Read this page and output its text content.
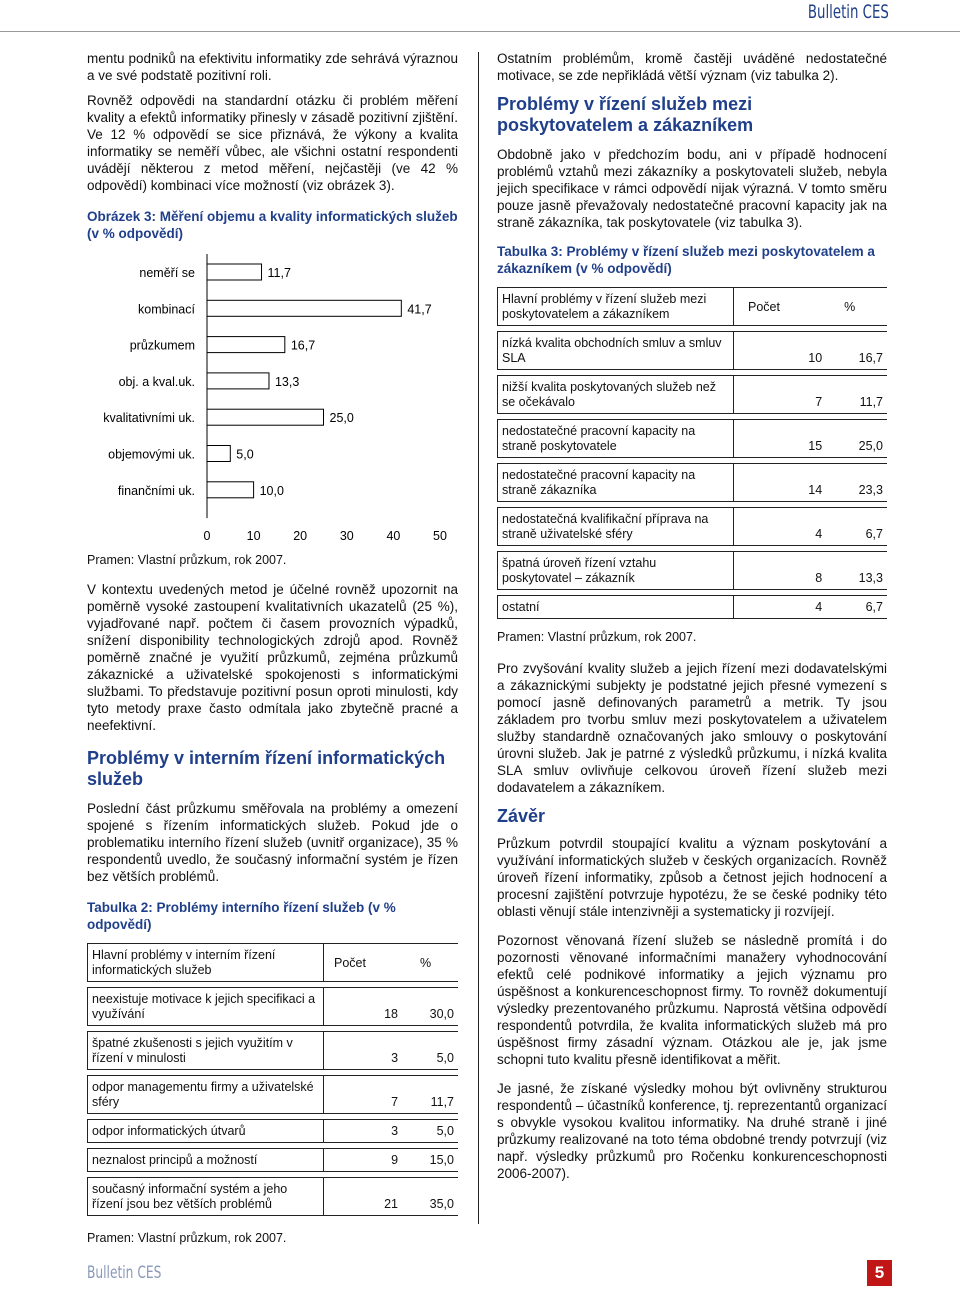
Bulletin CES

mentu podniků na efektivitu informatiky zde sehrává výraznou a ve své podstatě pozitivní roli.

Rovněž odpovědi na standardní otázku či problém měření kvality a efektů informatiky přinesly v zásadě pozitivní zjištění. Ve 12 % odpovědí se sice přiznává, že výkony a kvalita informatiky se neměří vůbec, ale všichni ostatní respondenti uvádějí některou z metod měření, nejčastěji (ve 42 % odpovědí) kombinaci více možností (viz obrázek 3).

Obrázek 3: Měření objemu a kvality informatických služeb (v % odpovědí)
neměří se	11,7
kombinací	41,7
průzkumem	16,7
obj. a kval.uk.	13,3
kvalitativními uk.	25,0
objemovými uk.	5,0
finančními uk.	10,0
0	10	20	30	40	50
Pramen: Vlastní průzkum, rok 2007.

V kontextu uvedených metod je účelné rovněž upozornit na poměrně vysoké zastoupení kvalitativních ukazatelů (25 %), vyjadřované např. počtem či časem provozních výpadků, snížení disponibility technologických zdrojů apod. Rovněž poměrně značné je využití průzkumů, zejména průzkumů zákaznické a uživatelské spokojenosti s informatickými službami. To představuje pozitivní posun oproti minulosti, kdy tyto metody praxe často odmítala jako zbytečně pracné a neefektivní.

Problémy v interním řízení informatických služeb

Poslední část průzkumu směřovala na problémy a omezení spojené s řízením informatických služeb. Pokud jde o problematiku interního řízení služeb (uvnitř organizace), 35 % respondentů uvedlo, že současný informační systém je řízen bez větších problémů.

Tabulka 2: Problémy interního řízení služeb (v % odpovědí)
Hlavní problémy v interním řízení informatických služeb	Počet	%

neexistuje motivace k jejich specifikaci a využívání	18	30,0

špatné zkušenosti s jejich využitím v řízení v minulosti	3	5,0

odpor managementu firmy a uživatelské sféry	7	11,7

odpor informatických útvarů	3	5,0

neznalost principů a možností	9	15,0

současný informační systém a jeho řízení jsou bez větších problémů	21	35,0
Pramen: Vlastní průzkum, rok 2007.

Ostatním problémům, kromě častěji uváděné nedostatečné motivace, se zde nepřikládá větší význam (viz tabulka 2).

Problémy v řízení služeb mezi poskytovatelem a zákazníkem

Obdobně jako v předchozím bodu, ani v případě hodnocení problémů vztahů mezi zákazníky a poskytovateli služeb, nebyla jejich specifikace v rámci odpovědí nijak výrazná. V tomto směru pouze jasně převažovaly nedostatečné pracovní kapacity jak na straně zákazníka, tak poskytovatele (viz tabulka 3).

Tabulka 3: Problémy v řízení služeb mezi poskytovatelem a zákazníkem (v % odpovědí)
Hlavní problémy v řízení služeb mezi poskytovatelem a zákazníkem	Počet	%

nízká kvalita obchodních smluv a smluv SLA	10	16,7

nižší kvalita poskytovaných služeb než se očekávalo	7	11,7

nedostatečné pracovní kapacity na straně poskytovatele	15	25,0

nedostatečné pracovní kapacity na straně zákazníka	14	23,3

nedostatečná kvalifikační příprava na straně uživatelské sféry	4	6,7

špatná úroveň řízení vztahu poskytovatel – zákazník	8	13,3

ostatní	4	6,7
Pramen: Vlastní průzkum, rok 2007.

Pro zvyšování kvality služeb a jejich řízení mezi dodavatelskými a zákaznickými subjekty je podstatné jejich přesné vymezení s pomocí jasně definovaných parametrů a metrik. Ty jsou základem pro tvorbu smluv mezi poskytovatelem a uživatelem služby standardně označovaných jako smlouvy o poskytování úrovni služeb. Jak je patrné z výsledků průzkumu, i nízká kvalita SLA smluv ovlivňuje celkovou úroveň řízení služeb mezi dodavatelem a zákazníkem.

Závěr

Průzkum potvrdil stoupající kvalitu a význam poskytování a využívání informatických služeb v českých organizacích. Rovněž úroveň řízení informatiky, způsob a četnost jejich hodnocení a procesní zajištění potvrzuje hypotézu, že se české podniky této oblasti věnují stále intenzivněji a systematicky ji rozvíjejí.

Pozornost věnovaná řízení služeb se následně promítá i do pozornosti věnované informačními manažery vyhodnocování efektů celé podnikové informatiky a jejich významu pro úspěšnost a konkurenceschopnost firmy. To rovněž dokumentují výsledky prezentovaného průzkumu. Naprostá většina odpovědí respondentů potvrdila, že kvalita informatických služeb má pro úspěšnost firmy zásadní význam. Otázkou ale je, jak jsme schopni tuto kvalitu přesně identifikovat a měřit.

Je jasné, že získané výsledky mohou být ovlivněny strukturou respondentů – účastníků konference, tj. reprezentantů organizací s obvykle vysokou kvalitou informatiky. Na druhé straně i jiné průzkumy realizované na toto téma obdobné trendy potvrzují (viz např. výsledky průzkumů pro Ročenku konkurenceschopnosti 2006-2007).

Bulletin CES	5
